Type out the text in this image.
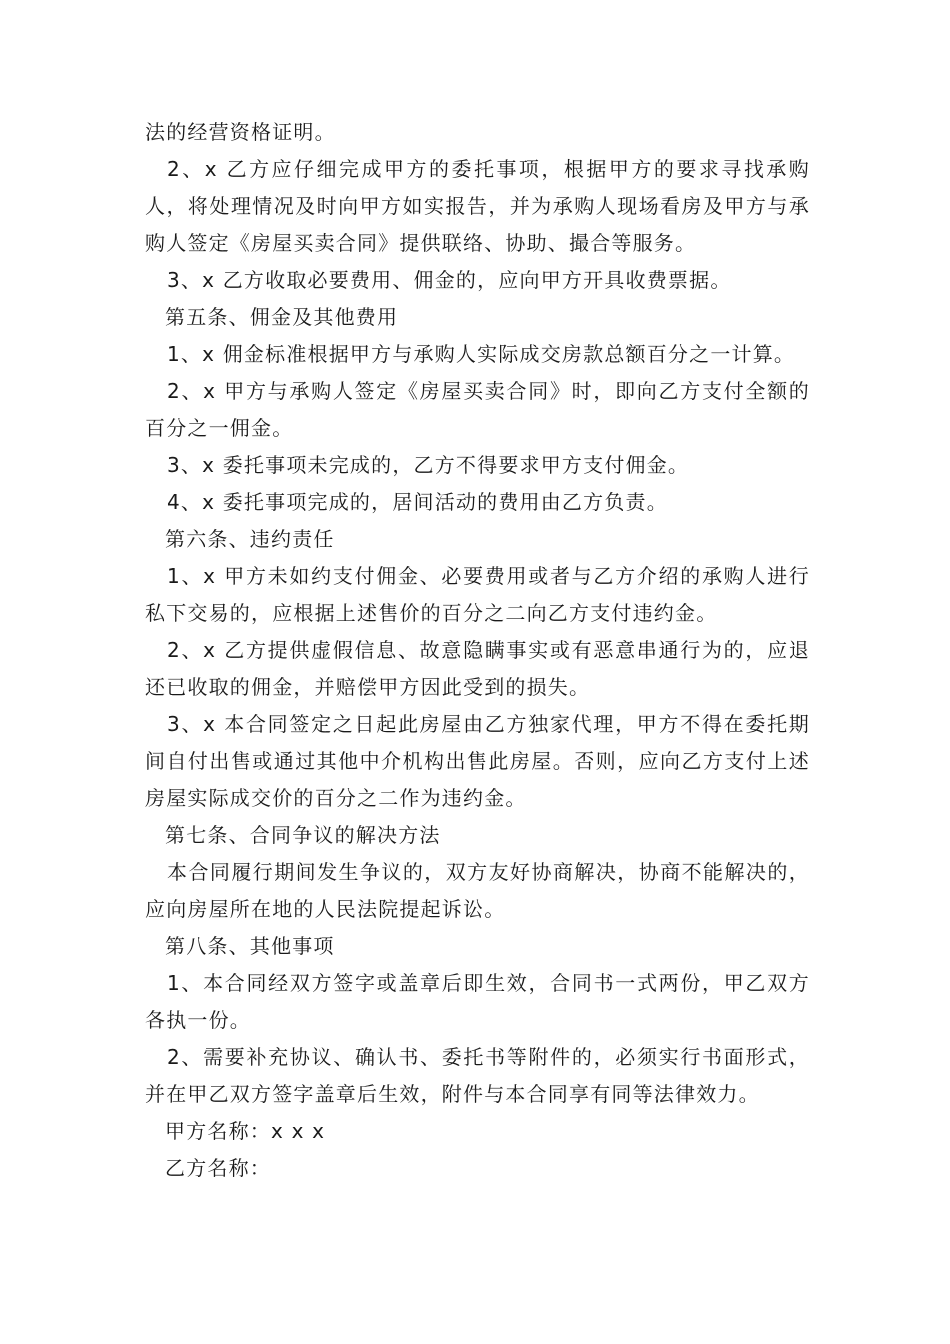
法的经营资格证明。

2、x 乙方应仔细完成甲方的委托事项，根据甲方的要求寻找承购人，将处理情况及时向甲方如实报告，并为承购人现场看房及甲方与承购人签定《房屋买卖合同》提供联络、协助、撮合等服务。

3、x 乙方收取必要费用、佣金的，应向甲方开具收费票据。

第五条、佣金及其他费用

1、x 佣金标准根据甲方与承购人实际成交房款总额百分之一计算。

2、x 甲方与承购人签定《房屋买卖合同》时，即向乙方支付全额的百分之一佣金。

3、x 委托事项未完成的，乙方不得要求甲方支付佣金。

4、x 委托事项完成的，居间活动的费用由乙方负责。

第六条、违约责任

1、x 甲方未如约支付佣金、必要费用或者与乙方介绍的承购人进行私下交易的，应根据上述售价的百分之二向乙方支付违约金。

2、x 乙方提供虚假信息、故意隐瞒事实或有恶意串通行为的，应退还已收取的佣金，并赔偿甲方因此受到的损失。

3、x 本合同签定之日起此房屋由乙方独家代理，甲方不得在委托期间自付出售或通过其他中介机构出售此房屋。否则，应向乙方支付上述房屋实际成交价的百分之二作为违约金。

第七条、合同争议的解决方法

本合同履行期间发生争议的，双方友好协商解决，协商不能解决的，应向房屋所在地的人民法院提起诉讼。

第八条、其他事项

1、本合同经双方签字或盖章后即生效，合同书一式两份，甲乙双方各执一份。

2、需要补充协议、确认书、委托书等附件的，必须实行书面形式，并在甲乙双方签字盖章后生效，附件与本合同享有同等法律效力。

甲方名称：x x x

乙方名称：
